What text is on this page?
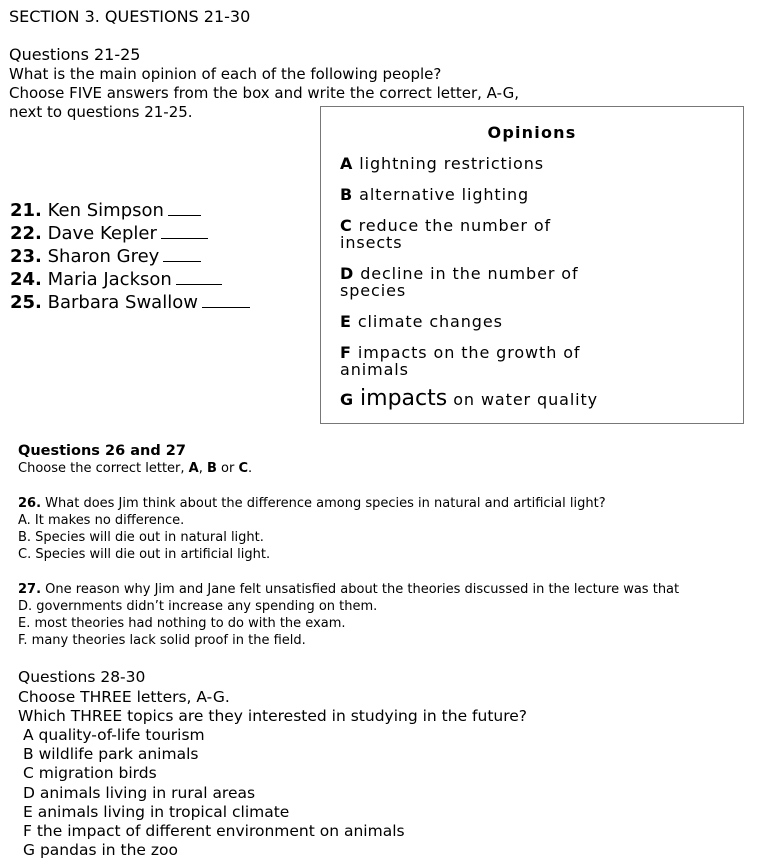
SECTION 3. QUESTIONS 21-30
Questions 21-25
What is the main opinion of each of the following people?
Choose FIVE answers from the box and write the correct letter, A-G,
next to questions 21-25.
21. Ken Simpson
22. Dave Kepler
23. Sharon Grey
24. Maria Jackson
25. Barbara Swallow
Opinions
A lightning restrictions
B alternative lighting
C reduce the number of
insects
D decline in the number of
species
E climate changes
F impacts on the growth of
animals
G impacts on water quality
Questions 26 and 27
Choose the correct letter, A, B or C.
26. What does Jim think about the difference among species in natural and artificial light?
A. It makes no difference.
B. Species will die out in natural light.
C. Species will die out in artificial light.
27. One reason why Jim and Jane felt unsatisfied about the theories discussed in the lecture was that
D. governments didn’t increase any spending on them.
E. most theories had nothing to do with the exam.
F. many theories lack solid proof in the field.
Questions 28-30
Choose THREE letters, A-G.
Which THREE topics are they interested in studying in the future?
A quality-of-life tourism
B wildlife park animals
C migration birds
D animals living in rural areas
E animals living in tropical climate
F the impact of different environment on animals
G pandas in the zoo
